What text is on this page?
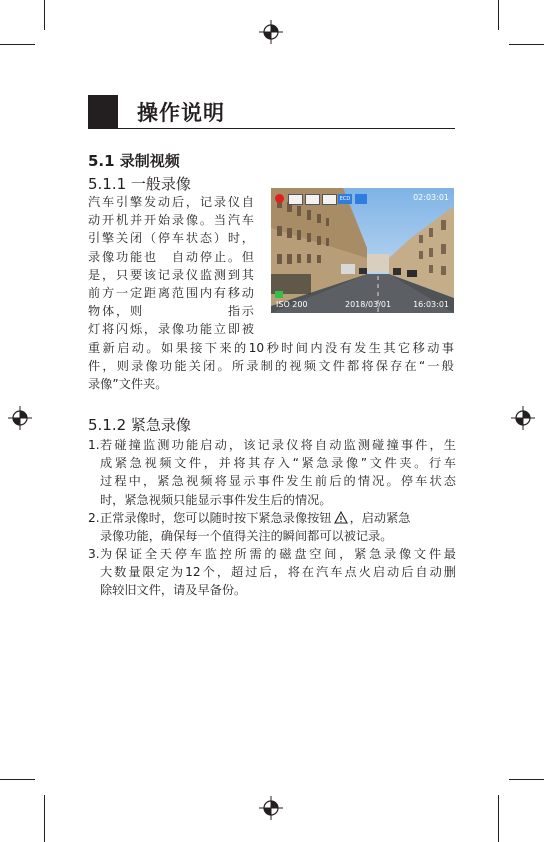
操作说明
5.1 录制视频
5.1.1 一般录像
汽车引擎发动后，记录仪自
动开机并开始录像。当汽车
引擎关闭（停车状态）时，
录像功能也　自动停止。但
是，只要该记录仪监测到其
前方一定距离范围内有移动
物体，则　　　　　　指示
灯将闪烁，录像功能立即被
重新启动。如果接下来的10秒时间内没有发生其它移动事
件，则录像功能关闭。所录制的视频文件都将保存在“一般
录像”文件夹。
ECD	02:03:01
ISO 200	2018/03/01	16:03:01
5.1.2 紧急录像
1. 若碰撞监测功能启动，该记录仪将自动监测碰撞事件，生
成紧急视频文件，并将其存入“紧急录像”文件夹。行车
过程中，紧急视频将显示事件发生前后的情况。停车状态
时，紧急视频只能显示事件发生后的情况。
2. 正常录像时，您可以随时按下紧急录像按钮 ，启动紧急
录像功能，确保每一个值得关注的瞬间都可以被记录。
3. 为保证全天停车监控所需的磁盘空间，紧急录像文件最
大数量限定为12个，超过后，将在汽车点火启动后自动删
除较旧文件，请及早备份。
